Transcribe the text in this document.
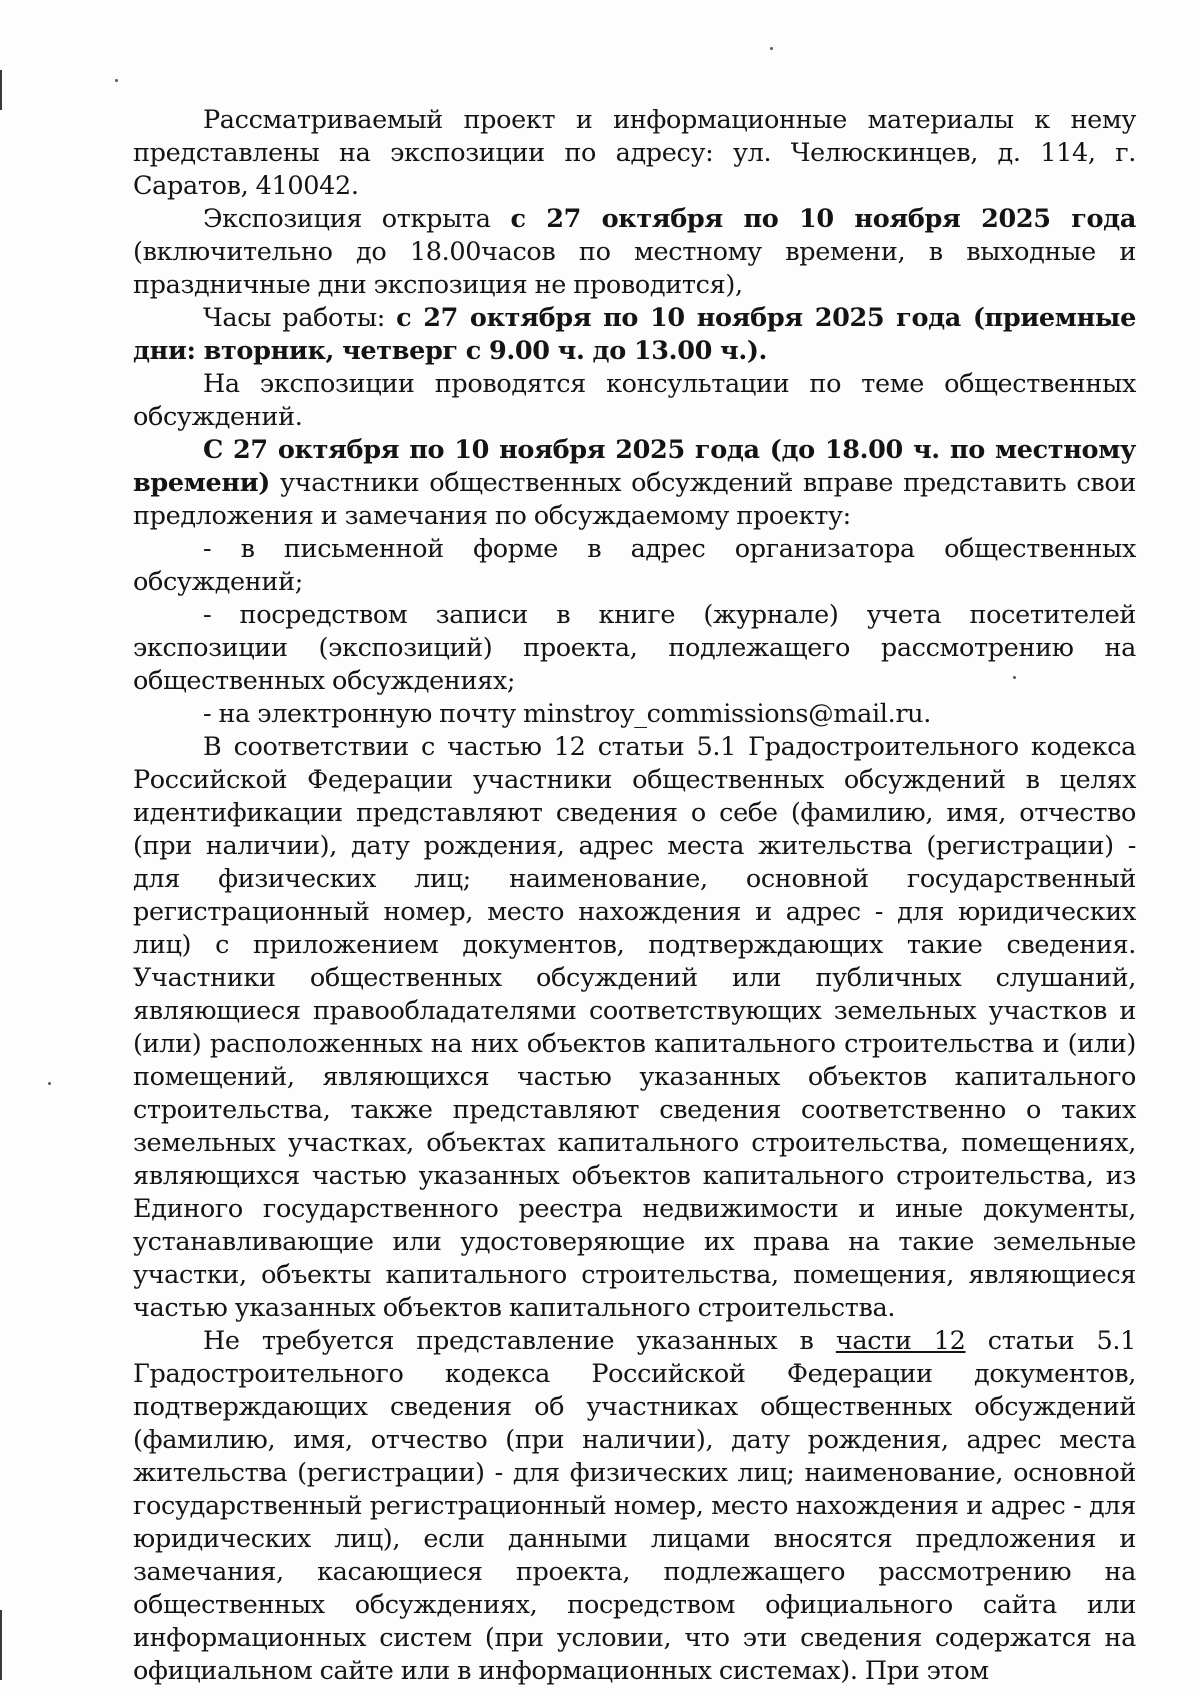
Рассматриваемый проект и информационные материалы к нему представлены на экспозиции по адресу: ул. Челюскинцев, д. 114, г. Саратов, 410042.

Экспозиция открыта с 27 октября по 10 ноября 2025 года (включительно до 18.00часов по местному времени, в выходные и праздничные дни экспозиция не проводится),

Часы работы: с 27 октября по 10 ноября 2025 года (приемные дни: вторник, четверг с 9.00 ч. до 13.00 ч.).

На экспозиции проводятся консультации по теме общественных обсуждений.

С 27 октября по 10 ноября 2025 года (до 18.00 ч. по местному времени) участники общественных обсуждений вправе представить свои предложения и замечания по обсуждаемому проекту:

- в письменной форме в адрес организатора общественных обсуждений;

- посредством записи в книге (журнале) учета посетителей экспозиции (экспозиций) проекта, подлежащего рассмотрению на общественных обсуждениях;

- на электронную почту minstroy_commissions@mail.ru.

В соответствии с частью 12 статьи 5.1 Градостроительного кодекса Российской Федерации участники общественных обсуждений в целях идентификации представляют сведения о себе (фамилию, имя, отчество (при наличии), дату рождения, адрес места жительства (регистрации) - для физических лиц; наименование, основной государственный регистрационный номер, место нахождения и адрес - для юридических лиц) с приложением документов, подтверждающих такие сведения. Участники общественных обсуждений или публичных слушаний, являющиеся правообладателями соответствующих земельных участков и (или) расположенных на них объектов капитального строительства и (или) помещений, являющихся частью указанных объектов капитального строительства, также представляют сведения соответственно о таких земельных участках, объектах капитального строительства, помещениях, являющихся частью указанных объектов капитального строительства, из Единого государственного реестра недвижимости и иные документы, устанавливающие или удостоверяющие их права на такие земельные участки, объекты капитального строительства, помещения, являющиеся частью указанных объектов капитального строительства.

Не требуется представление указанных в части 12 статьи 5.1 Градостроительного кодекса Российской Федерации документов, подтверждающих сведения об участниках общественных обсуждений (фамилию, имя, отчество (при наличии), дату рождения, адрес места жительства (регистрации) - для физических лиц; наименование, основной государственный регистрационный номер, место нахождения и адрес - для юридических лиц), если данными лицами вносятся предложения и замечания, касающиеся проекта, подлежащего рассмотрению на общественных обсуждениях, посредством официального сайта или информационных систем (при условии, что эти сведения содержатся на официальном сайте или в информационных системах). При этом
